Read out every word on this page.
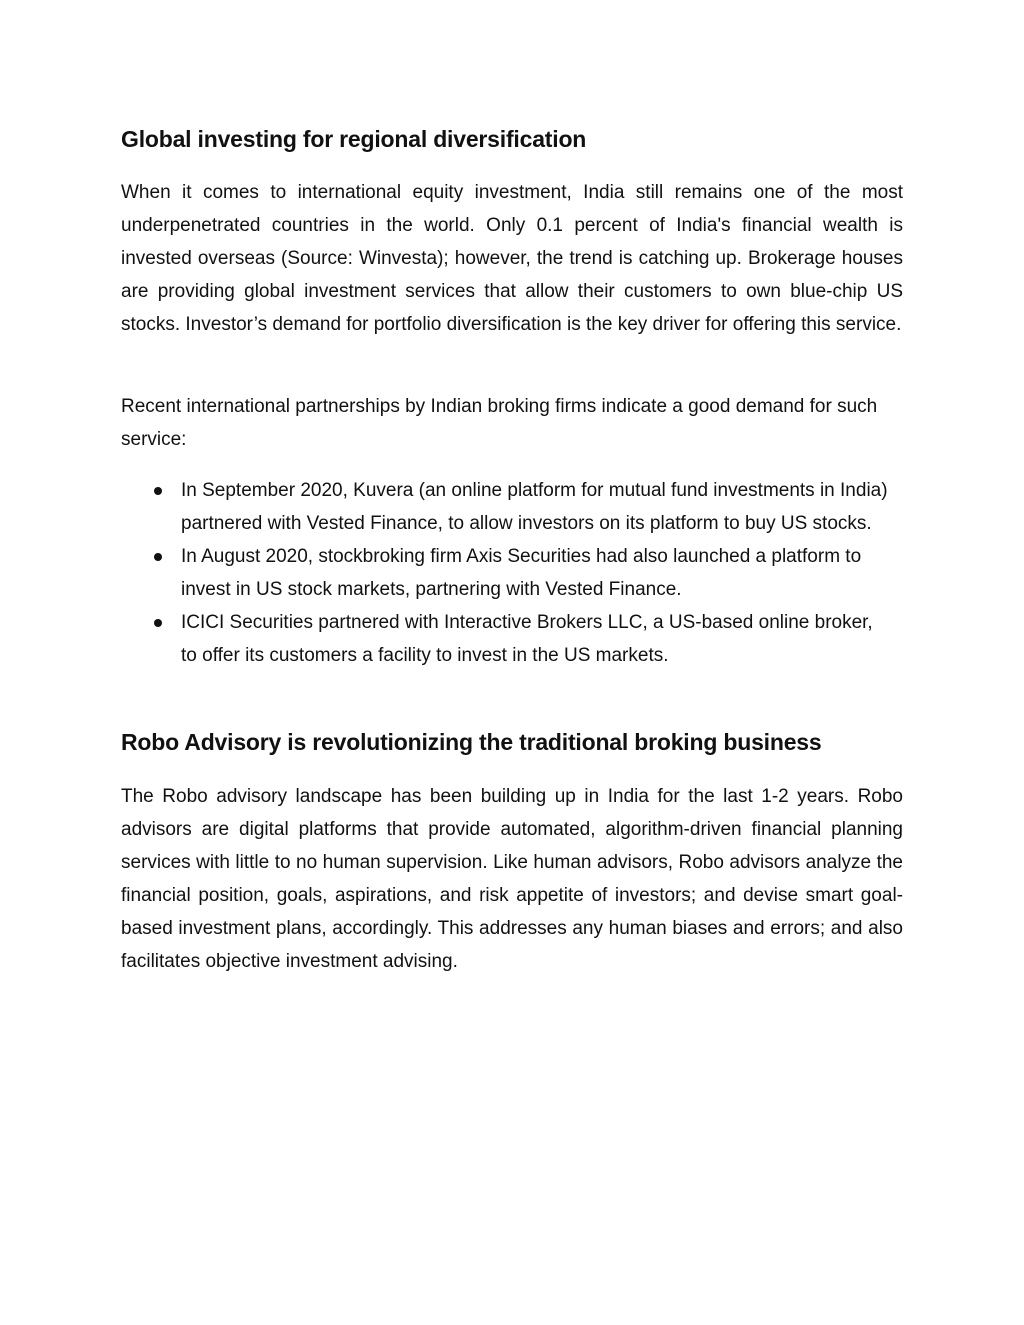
Global investing for regional diversification

When it comes to international equity investment, India still remains one of the most underpenetrated countries in the world. Only 0.1 percent of India's financial wealth is invested overseas (Source: Winvesta); however, the trend is catching up. Brokerage houses are providing global investment services that allow their customers to own blue-chip US stocks. Investor’s demand for portfolio diversification is the key driver for offering this service.

Recent international partnerships by Indian broking firms indicate a good demand for such service:

In September 2020, Kuvera (an online platform for mutual fund investments in India) partnered with Vested Finance, to allow investors on its platform to buy US stocks.
In August 2020, stockbroking firm Axis Securities had also launched a platform to invest in US stock markets, partnering with Vested Finance.
ICICI Securities partnered with Interactive Brokers LLC, a US-based online broker, to offer its customers a facility to invest in the US markets.
Robo Advisory is revolutionizing the traditional broking business

The Robo advisory landscape has been building up in India for the last 1-2 years. Robo advisors are digital platforms that provide automated, algorithm-driven financial planning services with little to no human supervision. Like human advisors, Robo advisors analyze the financial position, goals, aspirations, and risk appetite of investors; and devise smart goal-based investment plans, accordingly. This addresses any human biases and errors; and also facilitates objective investment advising.
